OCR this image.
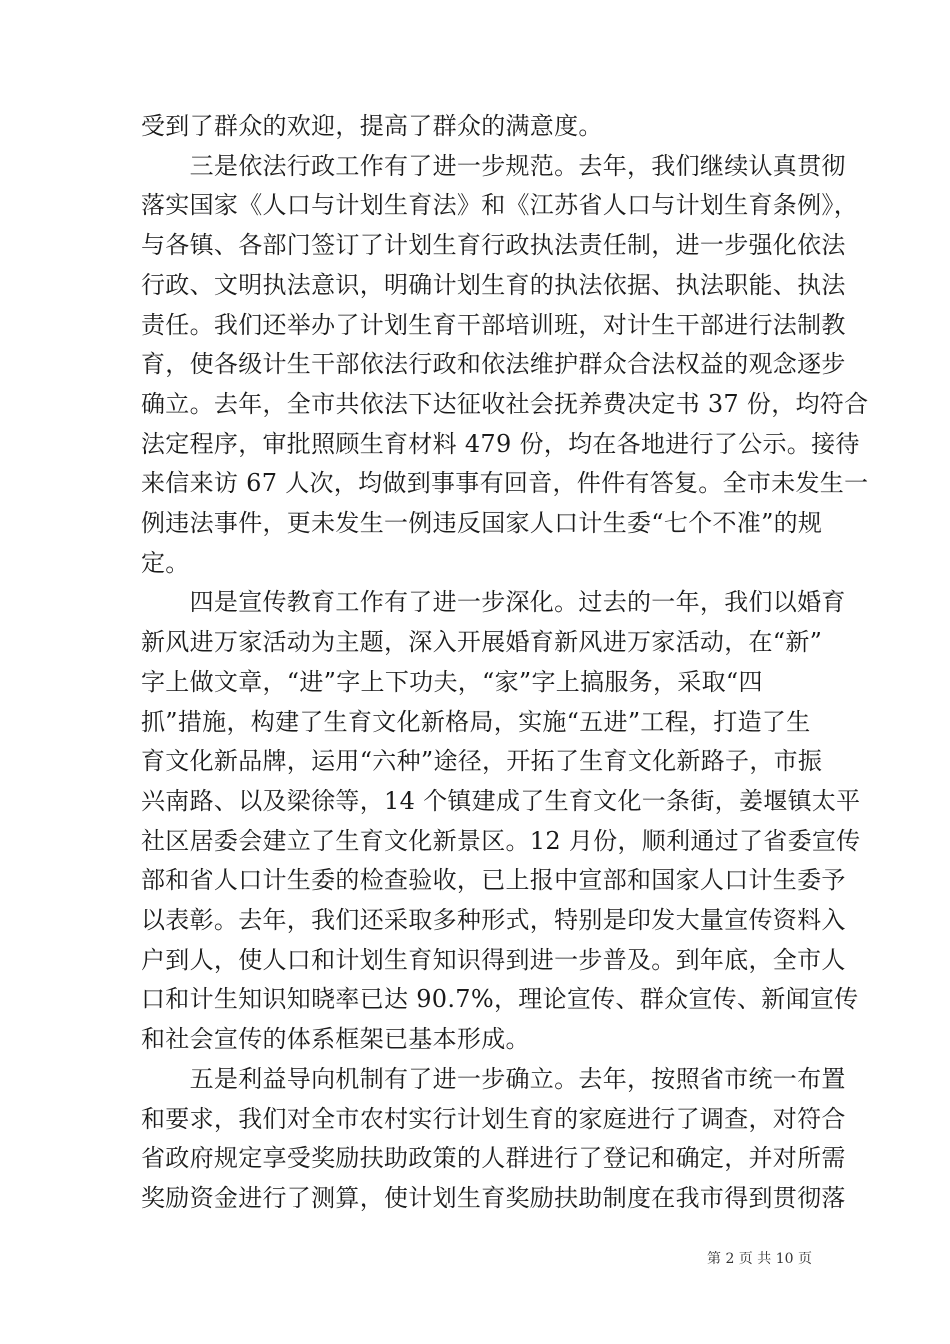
受到了群众的欢迎，提高了群众的满意度。
　　三是依法行政工作有了进一步规范。去年，我们继续认真贯彻
落实国家《人口与计划生育法》和《江苏省人口与计划生育条例》，
与各镇、各部门签订了计划生育行政执法责任制，进一步强化依法
行政、文明执法意识，明确计划生育的执法依据、执法职能、执法
责任。我们还举办了计划生育干部培训班，对计生干部进行法制教
育，使各级计生干部依法行政和依法维护群众合法权益的观念逐步
确立。去年，全市共依法下达征收社会抚养费决定书 37 份，均符合
法定程序，审批照顾生育材料 479 份，均在各地进行了公示。接待
来信来访 67 人次，均做到事事有回音，件件有答复。全市未发生一
例违法事件，更未发生一例违反国家人口计生委“七个不准”的规
定。
　　四是宣传教育工作有了进一步深化。过去的一年，我们以婚育
新风进万家活动为主题，深入开展婚育新风进万家活动，在“新”
字上做文章，“进”字上下功夫，“家”字上搞服务，采取“四
抓”措施，构建了生育文化新格局，实施“五进”工程，打造了生
育文化新品牌，运用“六种”途径，开拓了生育文化新路子，市振
兴南路、以及梁徐等，14 个镇建成了生育文化一条街，姜堰镇太平
社区居委会建立了生育文化新景区。12 月份，顺利通过了省委宣传
部和省人口计生委的检查验收，已上报中宣部和国家人口计生委予
以表彰。去年，我们还采取多种形式，特别是印发大量宣传资料入
户到人，使人口和计划生育知识得到进一步普及。到年底，全市人
口和计生知识知晓率已达 90.7%，理论宣传、群众宣传、新闻宣传
和社会宣传的体系框架已基本形成。
　　五是利益导向机制有了进一步确立。去年，按照省市统一布置
和要求，我们对全市农村实行计划生育的家庭进行了调查，对符合
省政府规定享受奖励扶助政策的人群进行了登记和确定，并对所需
奖励资金进行了测算，使计划生育奖励扶助制度在我市得到贯彻落
第 2 页 共 10 页
